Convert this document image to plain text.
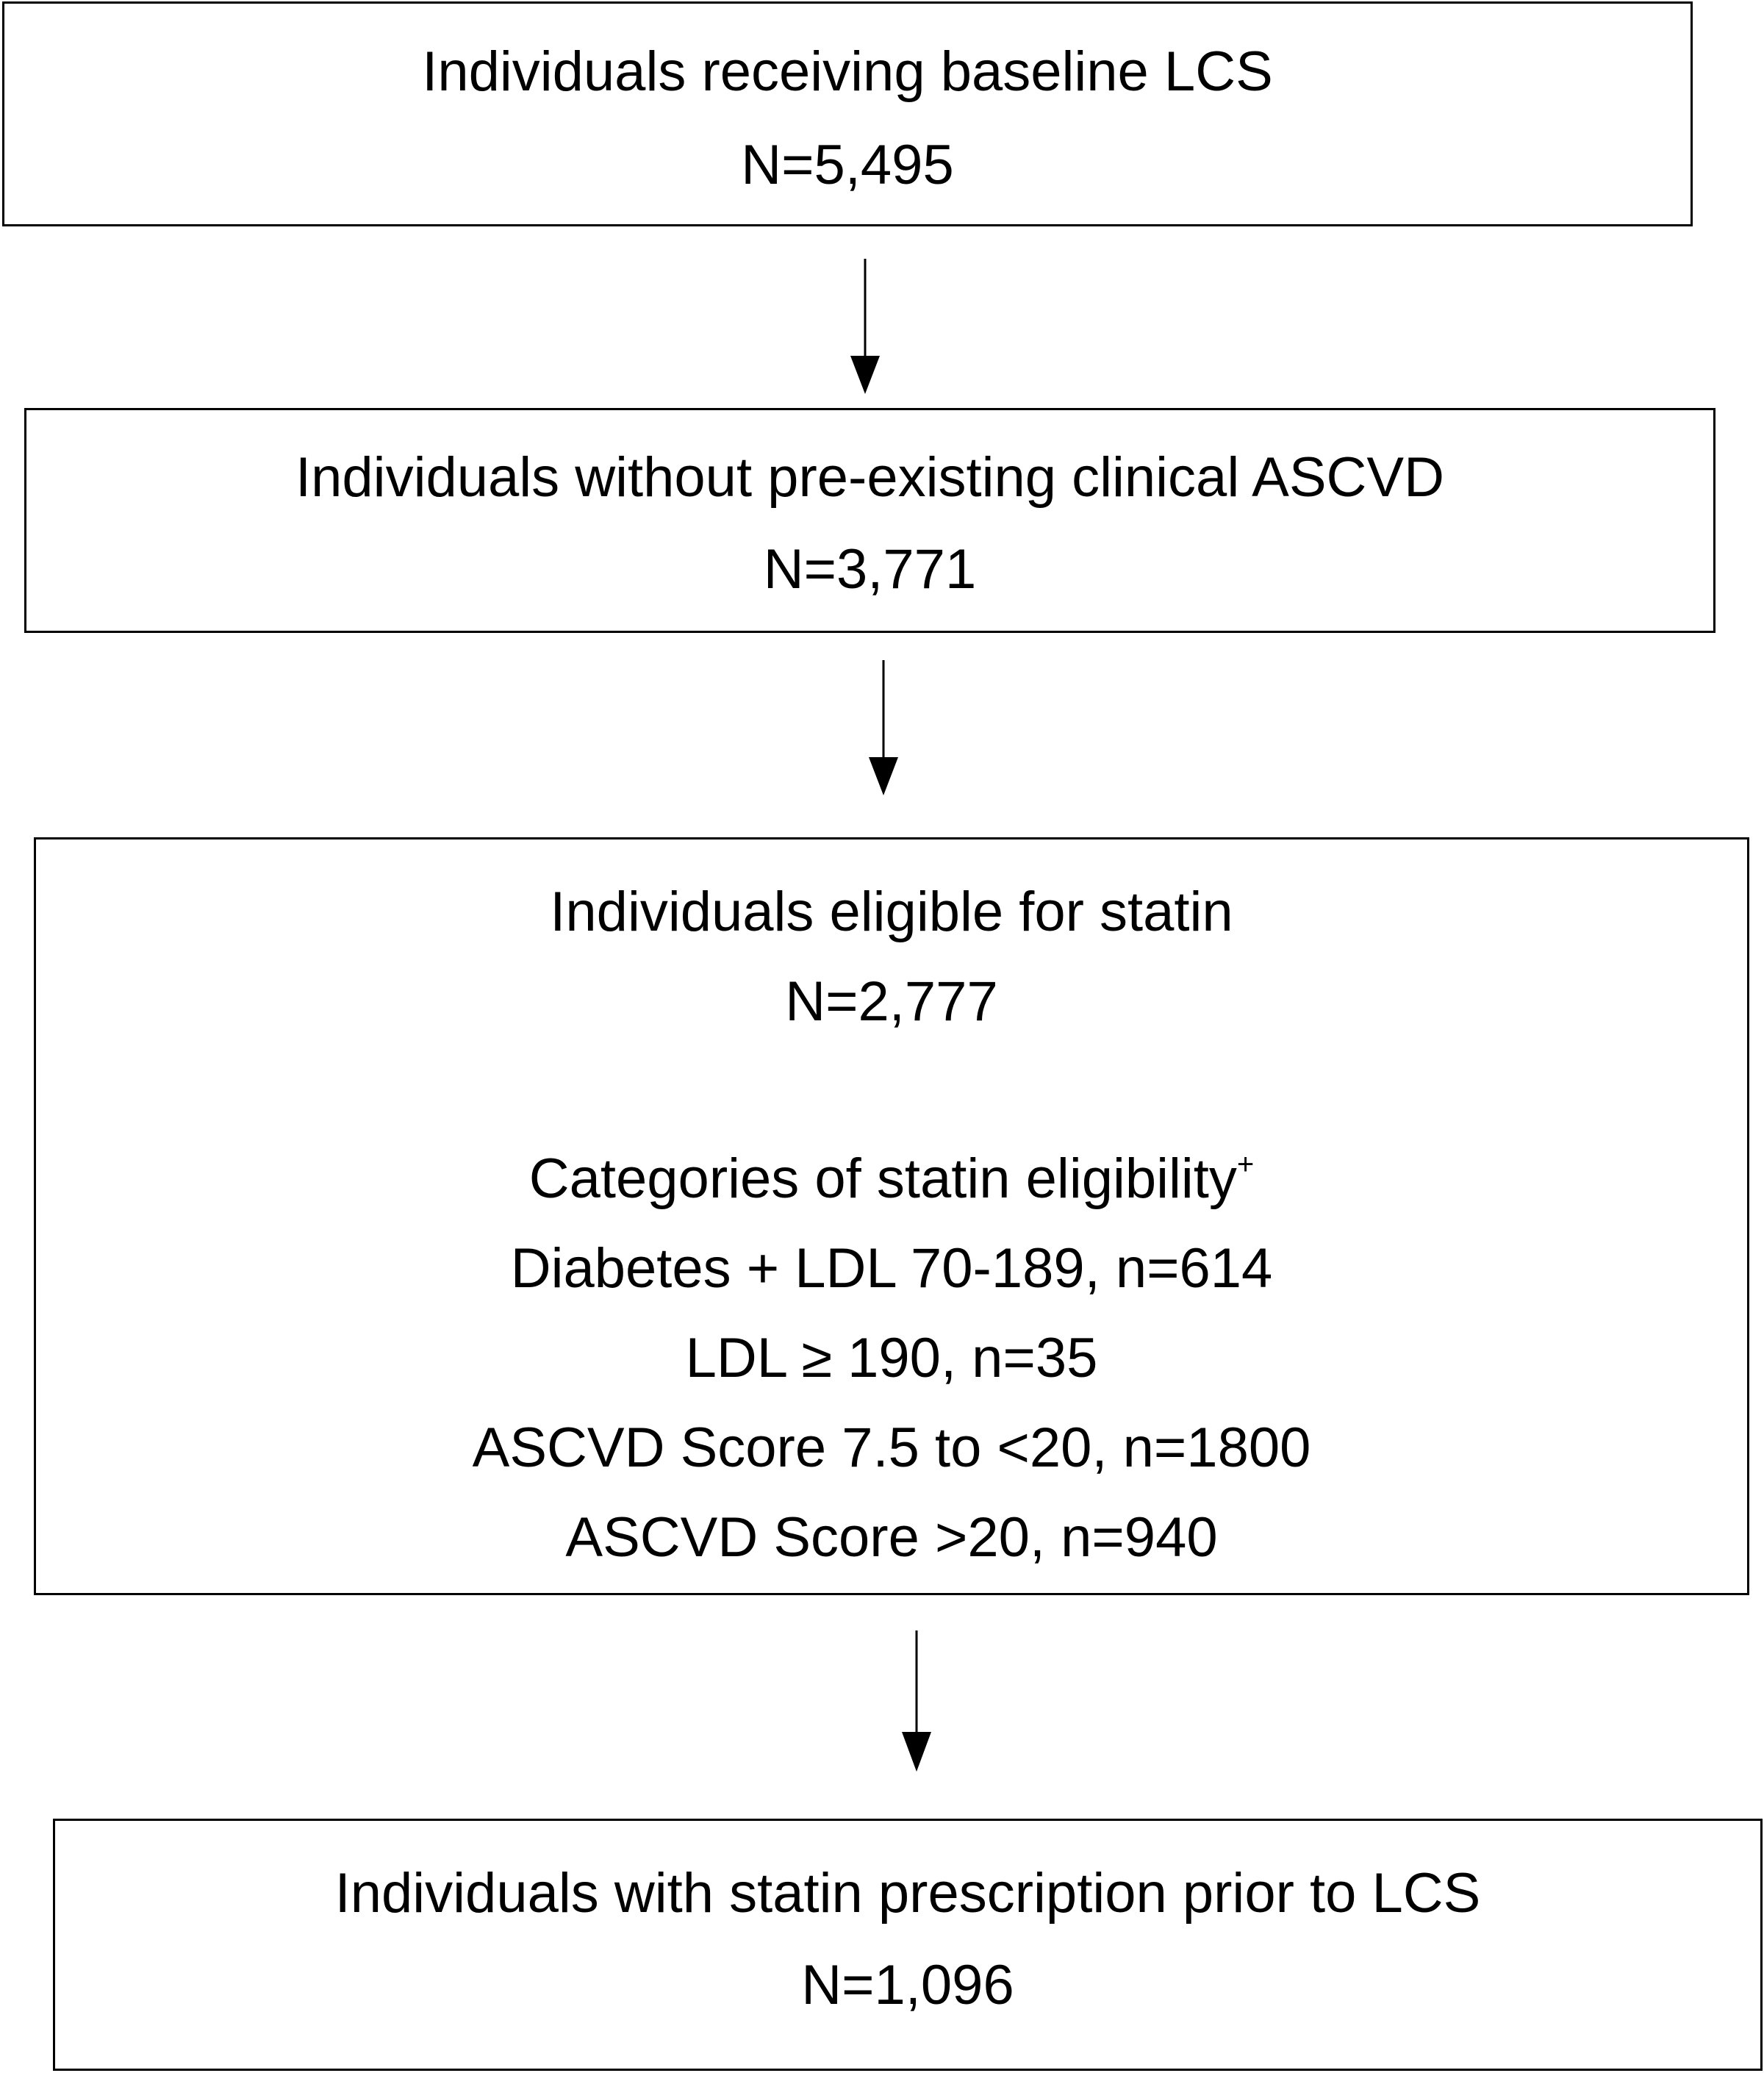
Individuals receiving baseline LCS
N=5,495
Individuals without pre-existing clinical ASCVD
N=3,771
Individuals eligible for statin
N=2,777
Categories of statin eligibility+
Diabetes + LDL 70-189, n=614
LDL ≥ 190, n=35
ASCVD Score 7.5 to <20, n=1800
ASCVD Score >20, n=940
Individuals with statin prescription prior to LCS
N=1,096
